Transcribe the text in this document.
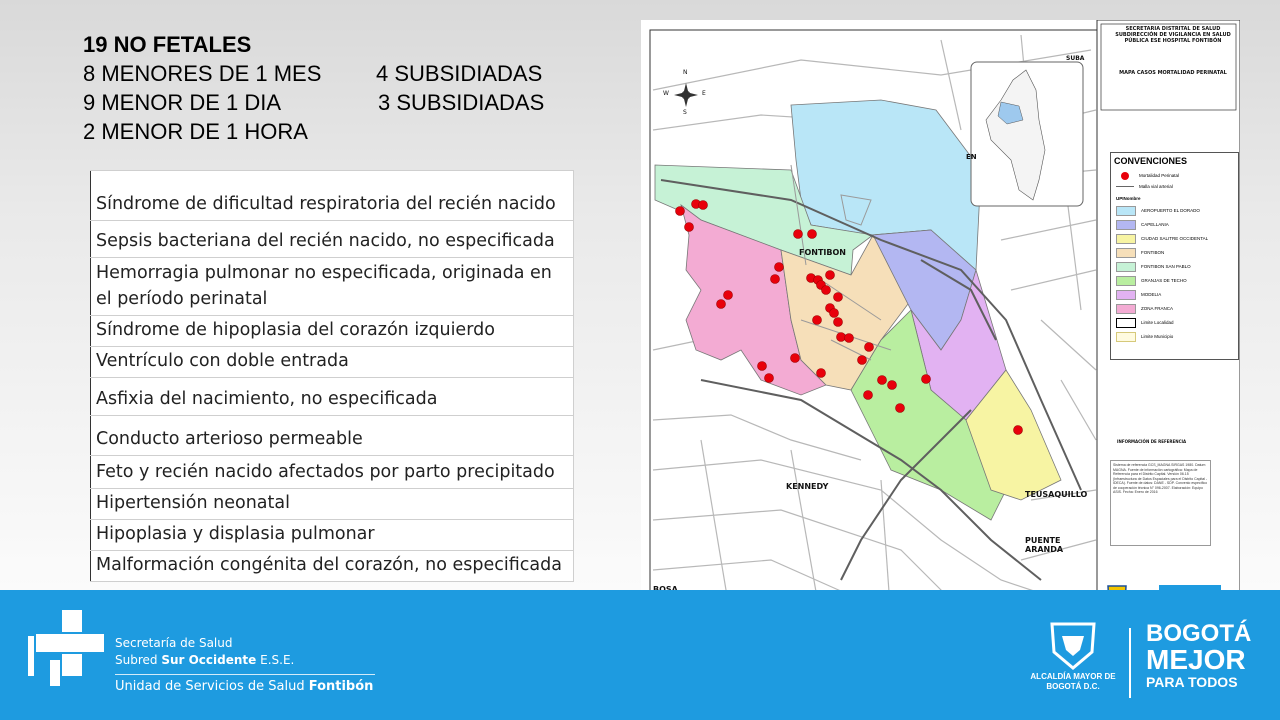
19 NO FETALES
8 MENORES DE 1 MES 4 SUBSIDIADAS
9 MENOR DE 1 DIA	3 SUBSIDIADAS
2 MENOR DE 1 HORA
Síndrome de dificultad respiratoria del recién nacido
Sepsis bacteriana del recién nacido, no especificada
Hemorragia pulmonar no especificada, originada en el período perinatal
Síndrome de hipoplasia del corazón izquierdo
Ventrículo con doble entrada
Asfixia del nacimiento, no especificada
Conducto arterioso permeable
Feto y recién nacido afectados por parto precipitado
Hipertensión neonatal
Hipoplasia y displasia pulmonar
Malformación congénita del corazón, no especificada
FONTIBON
KENNEDY
TEUSAQUILLO
PUENTE ARANDA
SUBA
EN
N
S
E
W
SECRETARIA DISTRITAL DE SALUD SUBDIRECCIÓN DE VIGILANCIA EN SALUD PÚBLICA ESE HOSPITAL FONTIBÓN
MAPA CASOS MORTALIDAD PERINATAL
CONVENCIONES
Mortalidad Perinatal
Malla vial arterial
UPINombre
AEROPUERTO EL DORADO
CAPELLANIA
CIUDAD SALITRE OCCIDENTAL
FONTIBON
FONTIBON SAN PABLO
GRANJAS DE TECHO
MODELIA
ZONA FRANCA
Limite Localidad
Limite Municipio
INFORMACIÓN DE REFERENCIA
Sistema de referencia GCS_MAGNA SIRGAS 1980. Datum MAGNA. Fuente de información cartográfica: Mapa de Referencia para el Distrito Capital. Versión 06.15 (Infraestructura de Datos Espaciales para el Distrito Capital - IDECA). Fuente de datos: DANE - SDP. Convenio específico de cooperación técnica N° 096-2007. Elaboración: Equipo ASIS. Fecha: Enero de 2016
Secretaría de Salud
Subred Sur Occidente E.S.E.
Unidad de Servicios de Salud Fontibón
ALCALDÍA MAYOR DE BOGOTÁ D.C.
BOGOTÁ
MEJOR
PARA TODOS
